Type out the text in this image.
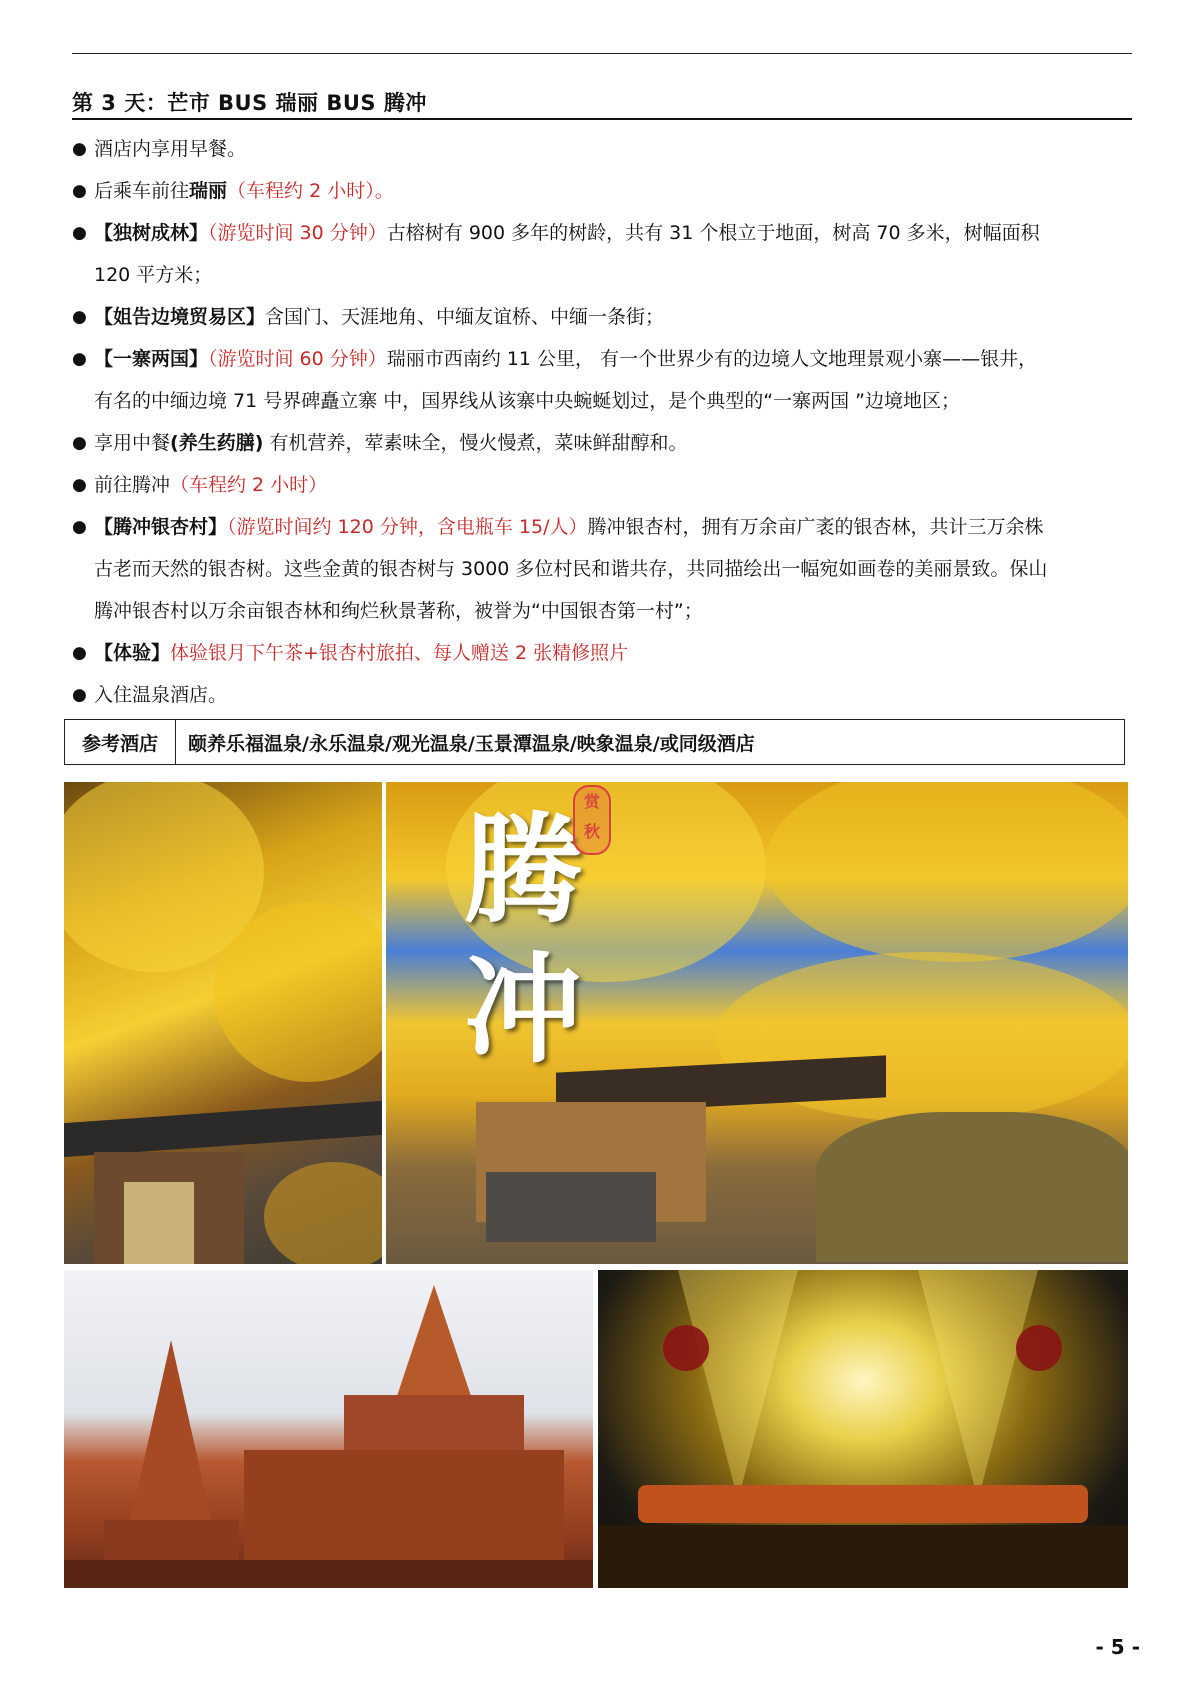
第 3 天：芒市 BUS 瑞丽 BUS 腾冲
● 酒店内享用早餐。
● 后乘车前往瑞丽（车程约 2 小时）。
● 【独树成林】（游览时间 30 分钟）古榕树有 900 多年的树龄，共有 31 个根立于地面，树高 70 多米，树幅面积
120 平方米；
● 【姐告边境贸易区】含国门、天涯地角、中缅友谊桥、中缅一条街；
● 【一寨两国】（游览时间 60 分钟）瑞丽市西南约 11 公里， 有一个世界少有的边境人文地理景观小寨——银井，
有名的中缅边境 71 号界碑矗立寨 中，国界线从该寨中央蜿蜒划过，是个典型的“一寨两国 ”边境地区；
● 享用中餐(养生药膳) 有机营养，荤素味全，慢火慢煮，菜味鲜甜醇和。
● 前往腾冲（车程约 2 小时）
● 【腾冲银杏村】（游览时间约 120 分钟，含电瓶车 15/人）腾冲银杏村，拥有万余亩广袤的银杏林，共计三万余株
古老而天然的银杏树。这些金黄的银杏树与 3000 多位村民和谐共存，共同描绘出一幅宛如画卷的美丽景致。保山
腾冲银杏村以万余亩银杏林和绚烂秋景著称，被誉为“中国银杏第一村”；
● 【体验】体验银月下午茶+银杏村旅拍、每人赠送 2 张精修照片
● 入住温泉酒店。
参考酒店	颐养乐福温泉/永乐温泉/观光温泉/玉景潭温泉/映象温泉/或同级酒店
腾
冲
赏
秋
- 5 -
